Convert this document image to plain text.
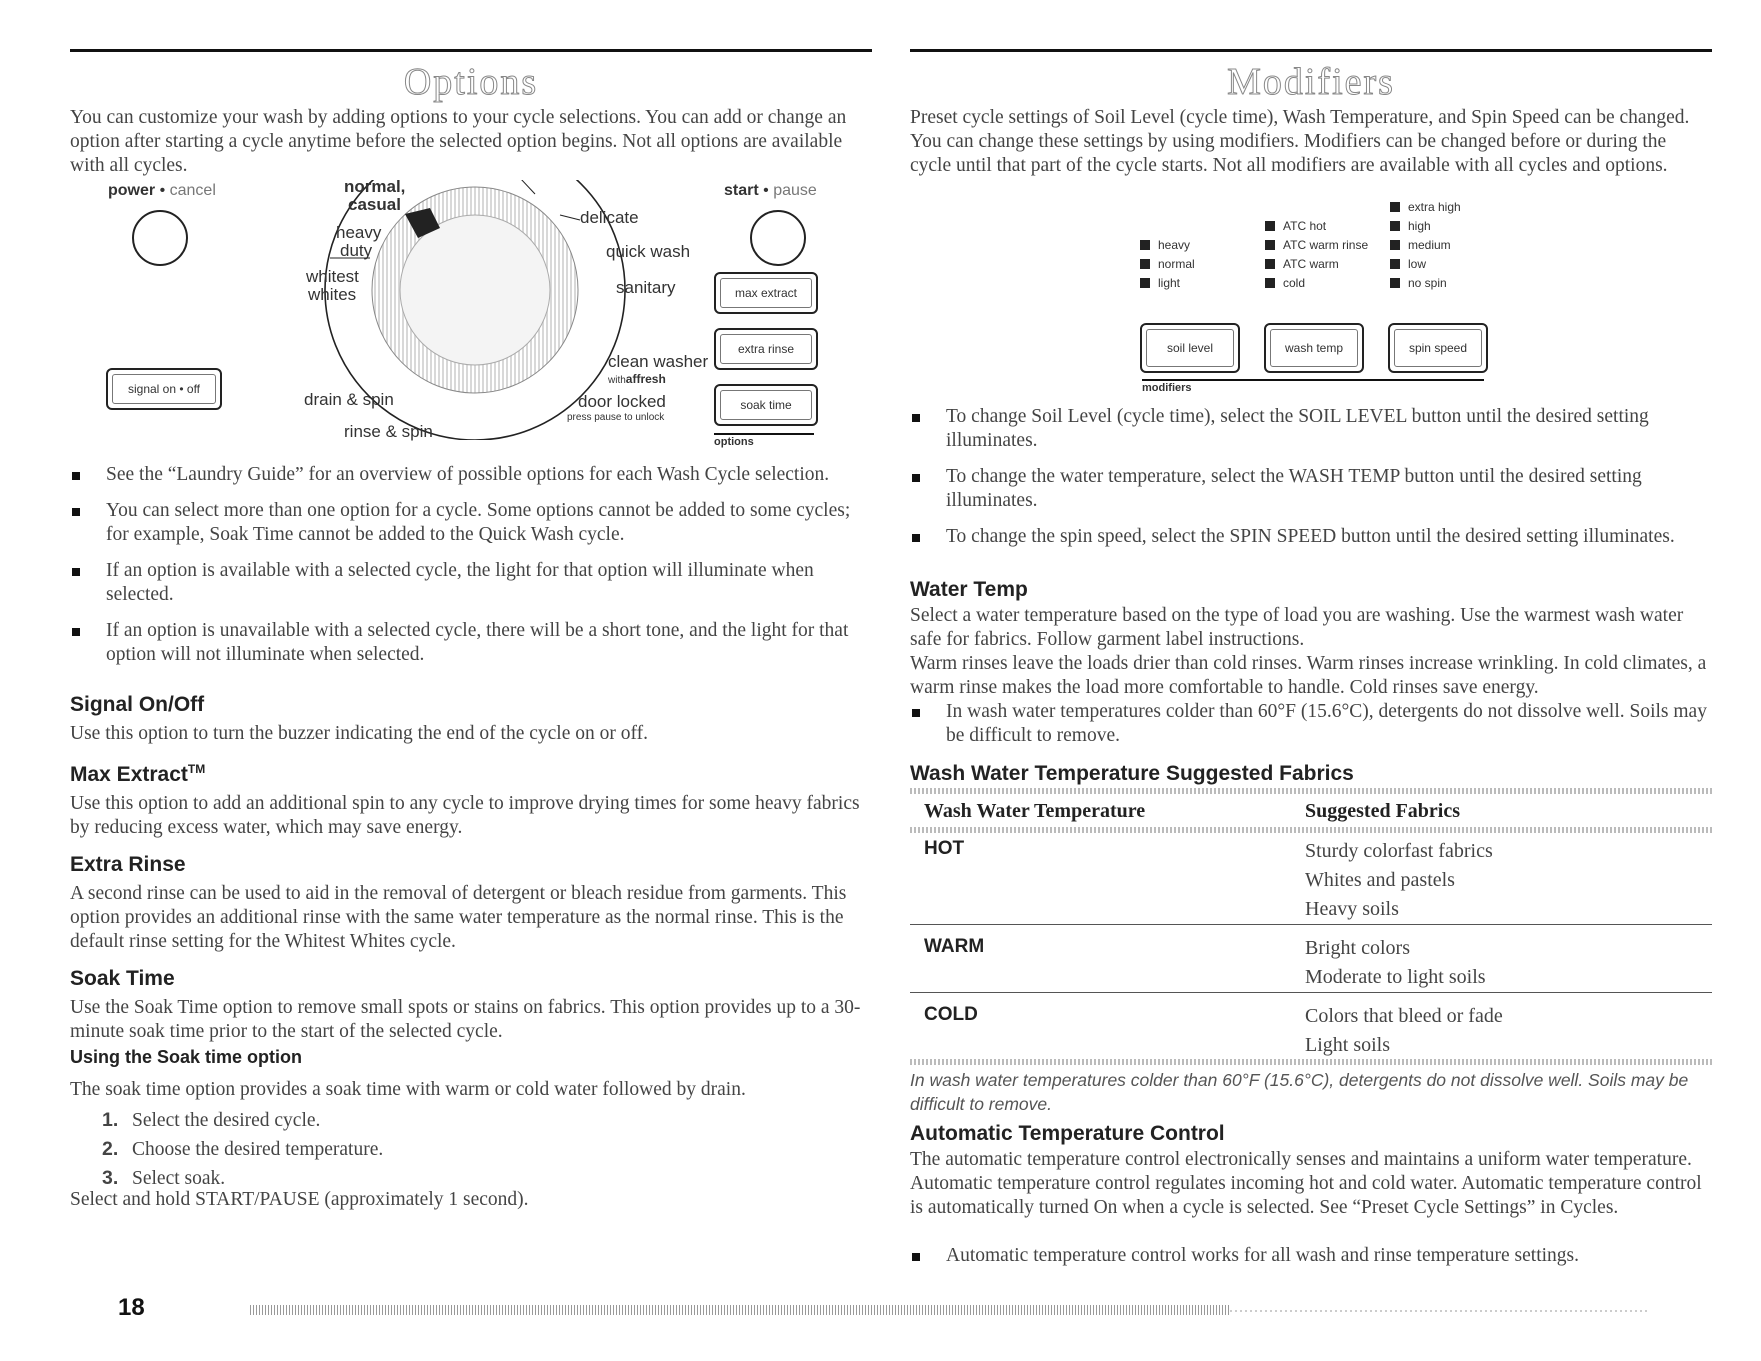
Options

You can customize your wash by adding options to your cycle selections. You can add or change an option after starting a cycle anytime before the selected option begins. Not all options are available with all cycles.

power • cancel	start • pause
signal on • off
max extract
extra rinse
soak time
options
normal,
casual
heavy
duty
whitest
whites
drain & spin
rinse & spin
delicate
quick wash
sanitary
clean washer
withaffresh
door locked
press pause to unlock
See the “Laundry Guide” for an overview of possible options for each Wash Cycle selection.
You can select more than one option for a cycle. Some options cannot be added to some cycles; for example, Soak Time cannot be added to the Quick Wash cycle.
If an option is available with a selected cycle, the light for that option will illuminate when selected.
If an option is unavailable with a selected cycle, there will be a short tone, and the light for that option will not illuminate when selected.
Signal On/Off

Use this option to turn the buzzer indicating the end of the cycle on or off.

Max Extract™

Use this option to add an additional spin to any cycle to improve drying times for some heavy fabrics by reducing excess water, which may save energy.

Extra Rinse

A second rinse can be used to aid in the removal of detergent or bleach residue from garments. This option provides an additional rinse with the same water temperature as the normal rinse. This is the default rinse setting for the Whitest Whites cycle.

Soak Time

Use the Soak Time option to remove small spots or stains on fabrics. This option provides up to a 30-minute soak time prior to the start of the selected cycle.

Using the Soak time option

The soak time option provides a soak time with warm or cold water followed by drain.

1. Select the desired cycle.
2. Choose the desired temperature.
3. Select soak.

Select and hold START/PAUSE (approximately 1 second).

18
Modifiers

Preset cycle settings of Soil Level (cycle time), Wash Temperature, and Spin Speed can be changed. You can change these settings by using modifiers. Modifiers can be changed before or during the cycle until that part of the cycle starts. Not all modifiers are available with all cycles and options.

heavy
normal
light
ATC hot
ATC warm rinse
ATC warm
cold
extra high
high
medium
low
no spin
soil level	wash temp	spin speed
modifiers
To change Soil Level (cycle time), select the SOIL LEVEL button until the desired setting illuminates.
To change the water temperature, select the WASH TEMP button until the desired setting illuminates.
To change the spin speed, select the SPIN SPEED button until the desired setting illuminates.
Water Temp

Select a water temperature based on the type of load you are washing. Use the warmest wash water safe for fabrics. Follow garment label instructions.

Warm rinses leave the loads drier than cold rinses. Warm rinses increase wrinkling. In cold climates, a warm rinse makes the load more comfortable to handle. Cold rinses save energy.

In wash water temperatures colder than 60°F (15.6°C), detergents do not dissolve well. Soils may be difficult to remove.
Wash Water Temperature Suggested Fabrics
Wash Water Temperature	Suggested Fabrics
HOT	Sturdy colorfast fabrics
Whites and pastels
Heavy soils
WARM	Bright colors
Moderate to light soils
COLD	Colors that bleed or fade
Light soils

In wash water temperatures colder than 60°F (15.6°C), detergents do not dissolve well. Soils may be difficult to remove.

Automatic Temperature Control

The automatic temperature control electronically senses and maintains a uniform water temperature. Automatic temperature control regulates incoming hot and cold water. Automatic temperature control is automatically turned On when a cycle is selected. See “Preset Cycle Settings” in Cycles.

Automatic temperature control works for all wash and rinse temperature settings.
